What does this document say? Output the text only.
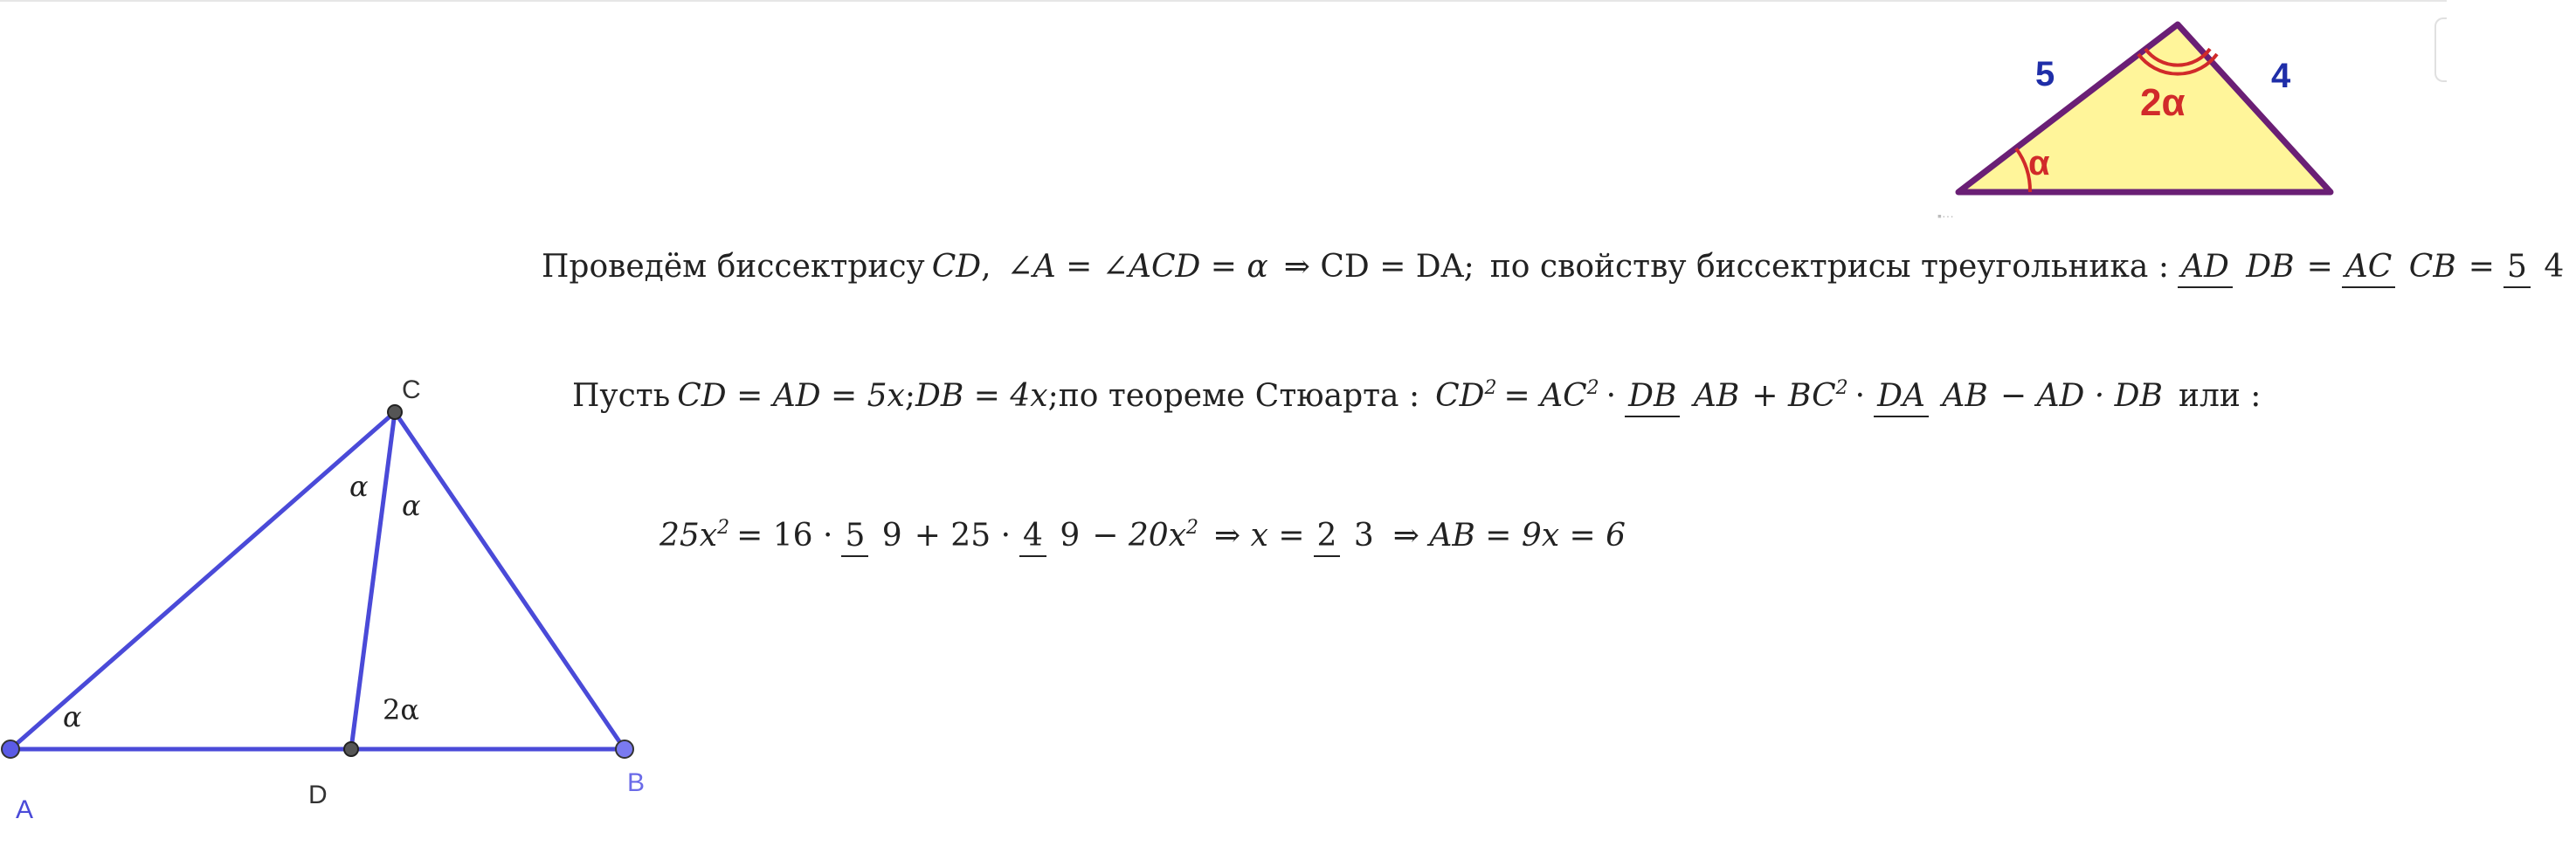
5	4
2α
α
▪···
A
B
C
D
α
α
α
2α
Проведём биссектрису CD , ∠A = ∠ACD = α ⇒ CD = DA; по свойству биссектрисы треугольника : AD DB = AC CB = 5 4
Пусть CD = AD = 5x ; DB = 4x ; по теореме Стюарта : $CD^2 = AC^2$ · DB AB + $BC^2$ · DA AB − AD · DB или :
$25x^2 = 16 \cdot 5$ 9 + 25 · 4 $9 - 20x^2$ ⇒ x = 2 3 ⇒ AB = 9x = 6
